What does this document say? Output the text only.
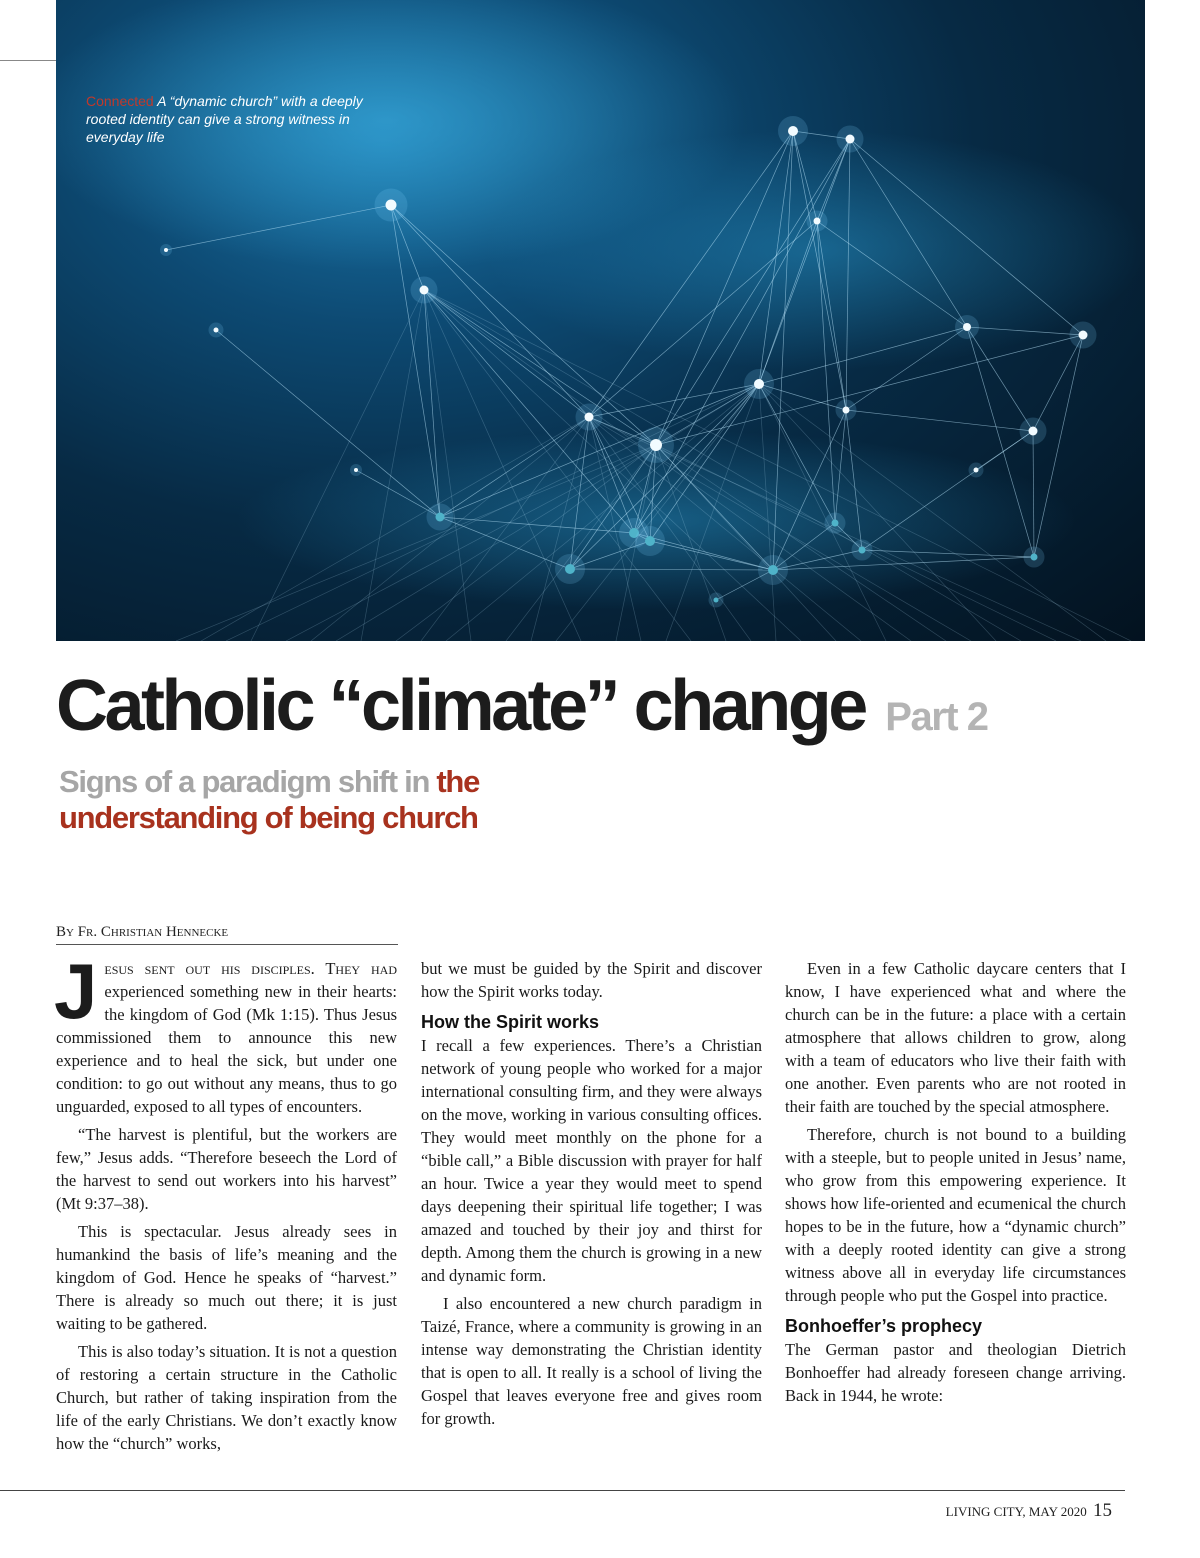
Connected A “dynamic church” with a deeply rooted identity can give a strong witness in everyday life
Catholic “climate” change Part 2
Signs of a paradigm shift in the understanding of being church
By Fr. Christian Hennecke

Jesus sent out his disciples. They had experienced something new in their hearts: the kingdom of God (Mk 1:15). Thus Jesus commissioned them to announce this new experience and to heal the sick, but under one condition: to go out without any means, thus to go unguarded, exposed to all types of encounters.

“The harvest is plentiful, but the workers are few,” Jesus adds. “Therefore beseech the Lord of the harvest to send out workers into his harvest” (Mt 9:37–38).

This is spectacular. Jesus already sees in humankind the basis of life’s meaning and the kingdom of God. Hence he speaks of “harvest.” There is already so much out there; it is just waiting to be gathered.

This is also today’s situation. It is not a question of restoring a certain structure in the Catholic Church, but rather of taking inspiration from the life of the early Christians. We don’t exactly know how the “church” works,

but we must be guided by the Spirit and discover how the Spirit works today.

How the Spirit works

I recall a few experiences. There’s a Christian network of young people who worked for a major international consulting firm, and they were always on the move, working in various consulting offices. They would meet monthly on the phone for a “bible call,” a Bible discussion with prayer for half an hour. Twice a year they would meet to spend days deepening their spiritual life together; I was amazed and touched by their joy and thirst for depth. Among them the church is growing in a new and dynamic form.

I also encountered a new church paradigm in Taizé, France, where a community is growing in an intense way demonstrating the Christian identity that is open to all. It really is a school of living the Gospel that leaves everyone free and gives room for growth.

Even in a few Catholic daycare centers that I know, I have experienced what and where the church can be in the future: a place with a certain atmosphere that allows children to grow, along with a team of educators who live their faith with one another. Even parents who are not rooted in their faith are touched by the special atmosphere.

Therefore, church is not bound to a building with a steeple, but to people united in Jesus’ name, who grow from this empowering experience. It shows how life-oriented and ecumenical the church hopes to be in the future, how a “dynamic church” with a deeply rooted identity can give a strong witness above all in everyday life circumstances through people who put the Gospel into practice.

Bonhoeffer’s prophecy

The German pastor and theologian Dietrich Bonhoeffer had already foreseen change arriving. Back in 1944, he wrote:

LIVING CITY, MAY 2020 15
